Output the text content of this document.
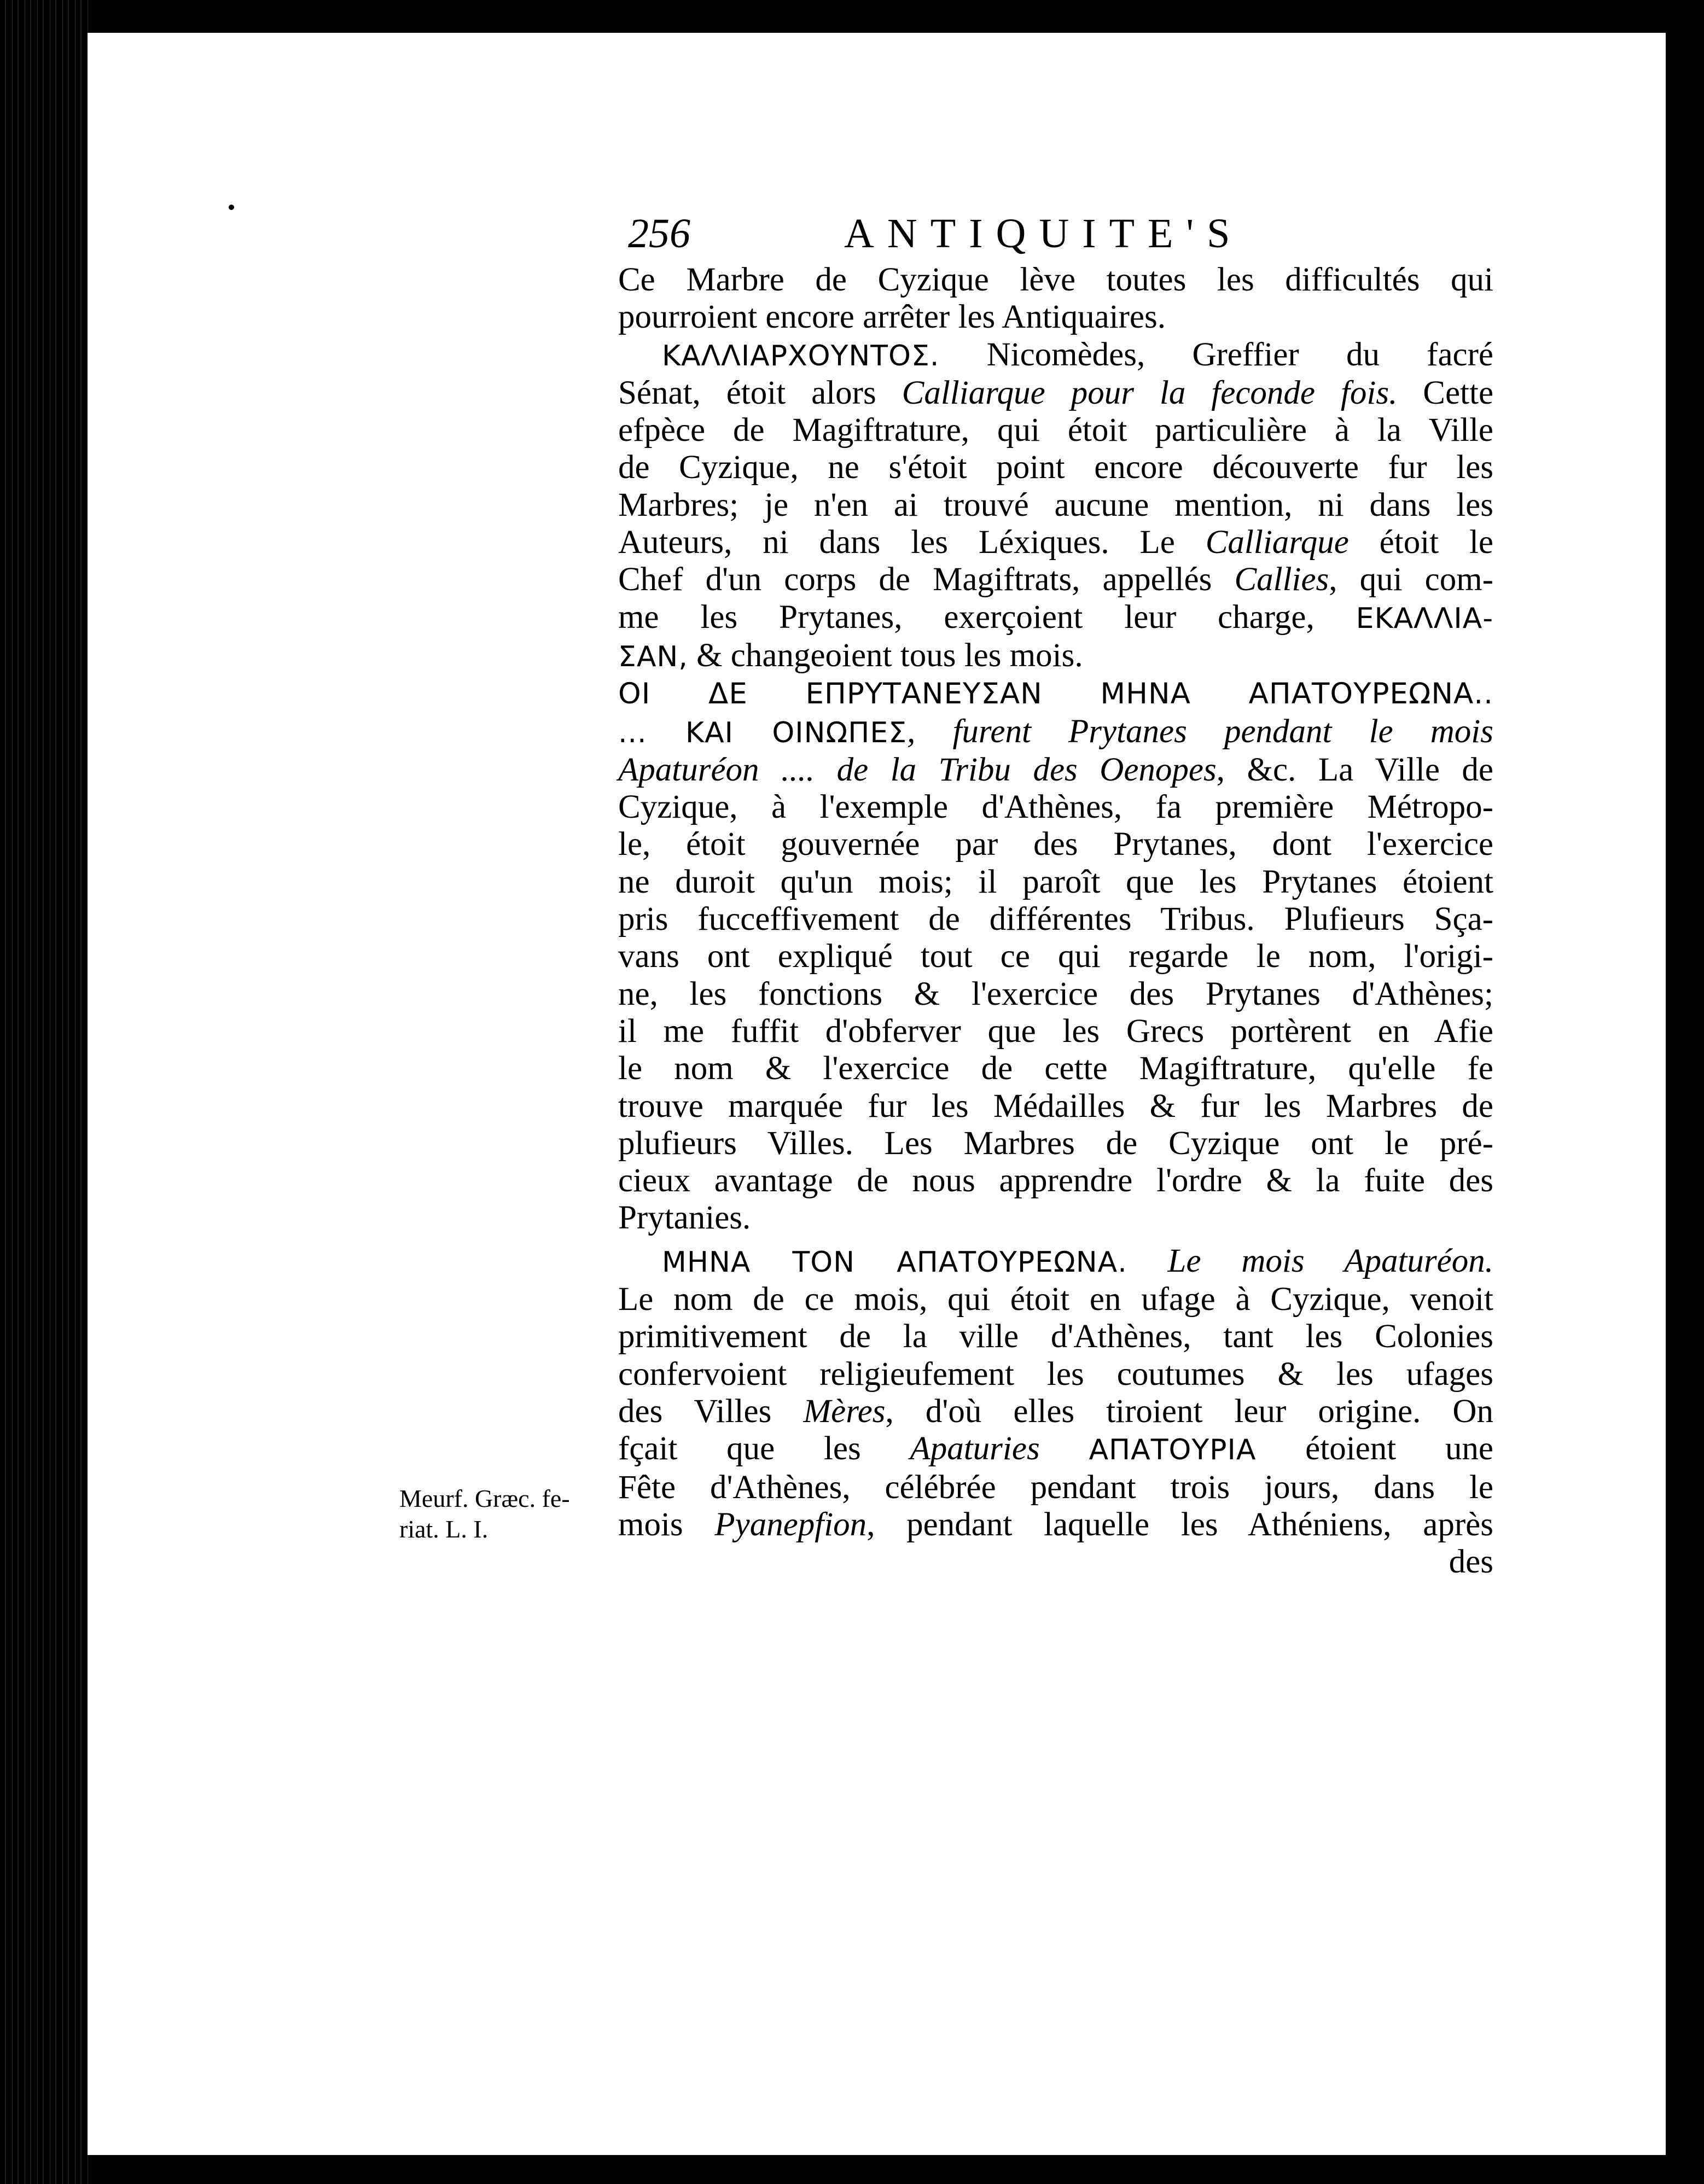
256	ANTIQUITE'S
Meurf. Græc. fe-
riat. L. I.

Ce Marbre de Cyzique lève toutes les difficultés qui
pourroient encore arrêter les Antiquaires.

ΚΑΛΛΙΑΡΧΟΥΝΤΟΣ. Nicomèdes, Greffier du facré
Sénat, étoit alors Calliarque pour la feconde fois. Cette
efpèce de Magiftrature, qui étoit particulière à la Ville
de Cyzique, ne s'étoit point encore découverte fur les
Marbres; je n'en ai trouvé aucune mention, ni dans les
Auteurs, ni dans les Léxiques. Le Calliarque étoit le
Chef d'un corps de Magiftrats, appellés Callies, qui com-
me les Prytanes, exerçoient leur charge, ΕΚΑΛΛΙΑ-
ΣΑΝ, & changeoient tous les mois.

ΟΙ ΔΕ ΕΠΡΥΤΑΝΕΥΣΑΝ ΜΗΝΑ ΑΠΑΤΟΥΡΕΩΝΑ..
... ΚΑΙ ΟΙΝΩΠΕΣ, furent Prytanes pendant le mois
Apaturéon .... de la Tribu des Oenopes, &c. La Ville de
Cyzique, à l'exemple d'Athènes, fa première Métropo-
le, étoit gouvernée par des Prytanes, dont l'exercice
ne duroit qu'un mois; il paroît que les Prytanes étoient
pris fucceffivement de différentes Tribus. Plufieurs Sça-
vans ont expliqué tout ce qui regarde le nom, l'origi-
ne, les fonctions & l'exercice des Prytanes d'Athènes;
il me fuffit d'obferver que les Grecs portèrent en Afie
le nom & l'exercice de cette Magiftrature, qu'elle fe
trouve marquée fur les Médailles & fur les Marbres de
plufieurs Villes. Les Marbres de Cyzique ont le pré-
cieux avantage de nous apprendre l'ordre & la fuite des
Prytanies.

ΜΗΝΑ ΤΟΝ ΑΠΑΤΟΥΡΕΩΝΑ. Le mois Apaturéon.
Le nom de ce mois, qui étoit en ufage à Cyzique, venoit
primitivement de la ville d'Athènes, tant les Colonies
confervoient religieufement les coutumes & les ufages
des Villes Mères, d'où elles tiroient leur origine. On
fçait que les Apaturies ΑΠΑΤΟΥΡΙΑ étoient une
Fête d'Athènes, célébrée pendant trois jours, dans le
mois Pyanepfion, pendant laquelle les Athéniens, après
des
